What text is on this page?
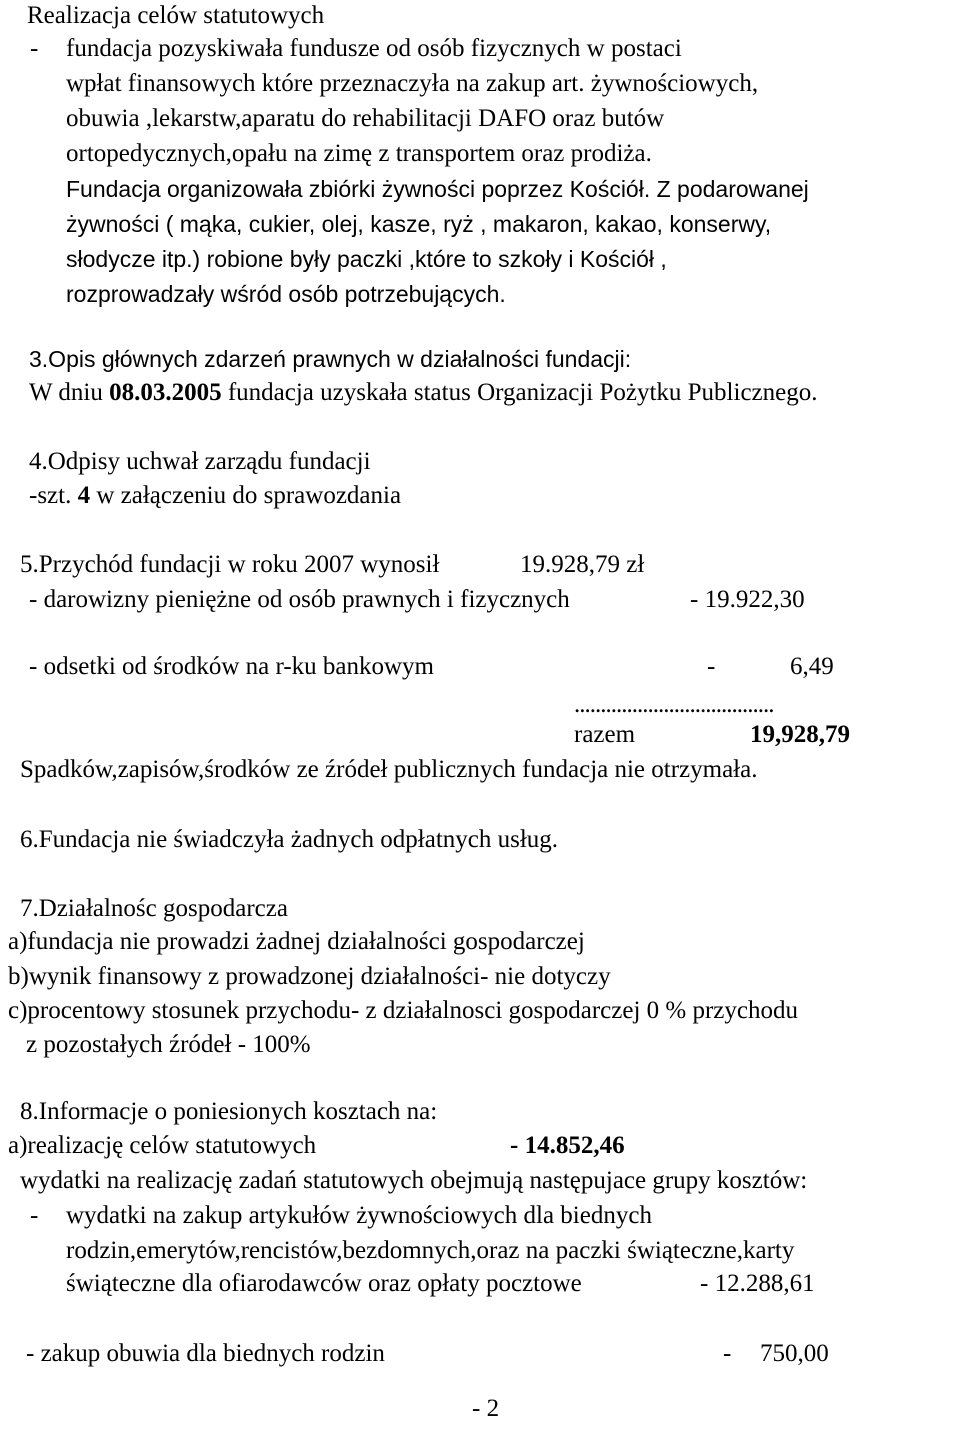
Realizacja celów statutowych
- fundacja pozyskiwała fundusze od osób fizycznych w postaci
wpłat finansowych które przeznaczyła na zakup art. żywnościowych,
obuwia ,lekarstw,aparatu do rehabilitacji DAFO oraz butów
ortopedycznych,opału na zimę z transportem oraz prodiża.
Fundacja organizowała zbiórki żywności poprzez Kościół. Z podarowanej
żywności ( mąka, cukier, olej, kasze, ryż , makaron, kakao, konserwy,
słodycze itp.) robione były paczki ,które to szkoły i Kościół ,
rozprowadzały wśród osób potrzebujących.
3.Opis głównych zdarzeń prawnych w działalności fundacji:
W dniu 08.03.2005 fundacja uzyskała status Organizacji Pożytku Publicznego.
4.Odpisy uchwał zarządu fundacji
-szt. 4 w załączeniu do sprawozdania
5.Przychód fundacji w roku 2007 wynosił	19.928,79 zł
- darowizny pieniężne od osób prawnych i fizycznych	- 19.922,30
- odsetki od środków na r-ku bankowym	-	6,49
......................................
razem	19,928,79
Spadków,zapisów,środków ze źródeł publicznych fundacja nie otrzymała.
6.Fundacja nie świadczyła żadnych odpłatnych usług.
7.Działalnośc gospodarcza
a)fundacja nie prowadzi żadnej działalności gospodarczej
b)wynik finansowy z prowadzonej działalności- nie dotyczy
c)procentowy stosunek przychodu- z działalnosci gospodarczej 0 % przychodu
z pozostałych źródeł - 100%
8.Informacje o poniesionych kosztach na:
a)realizację celów statutowych	- 14.852,46
wydatki na realizację zadań statutowych obejmują następujace grupy kosztów:
- wydatki na zakup artykułów żywnościowych dla biednych
rodzin,emerytów,rencistów,bezdomnych,oraz na paczki świąteczne,karty
świąteczne dla ofiarodawców oraz opłaty pocztowe	- 12.288,61
- zakup obuwia dla biednych rodzin	- 750,00
- 2
